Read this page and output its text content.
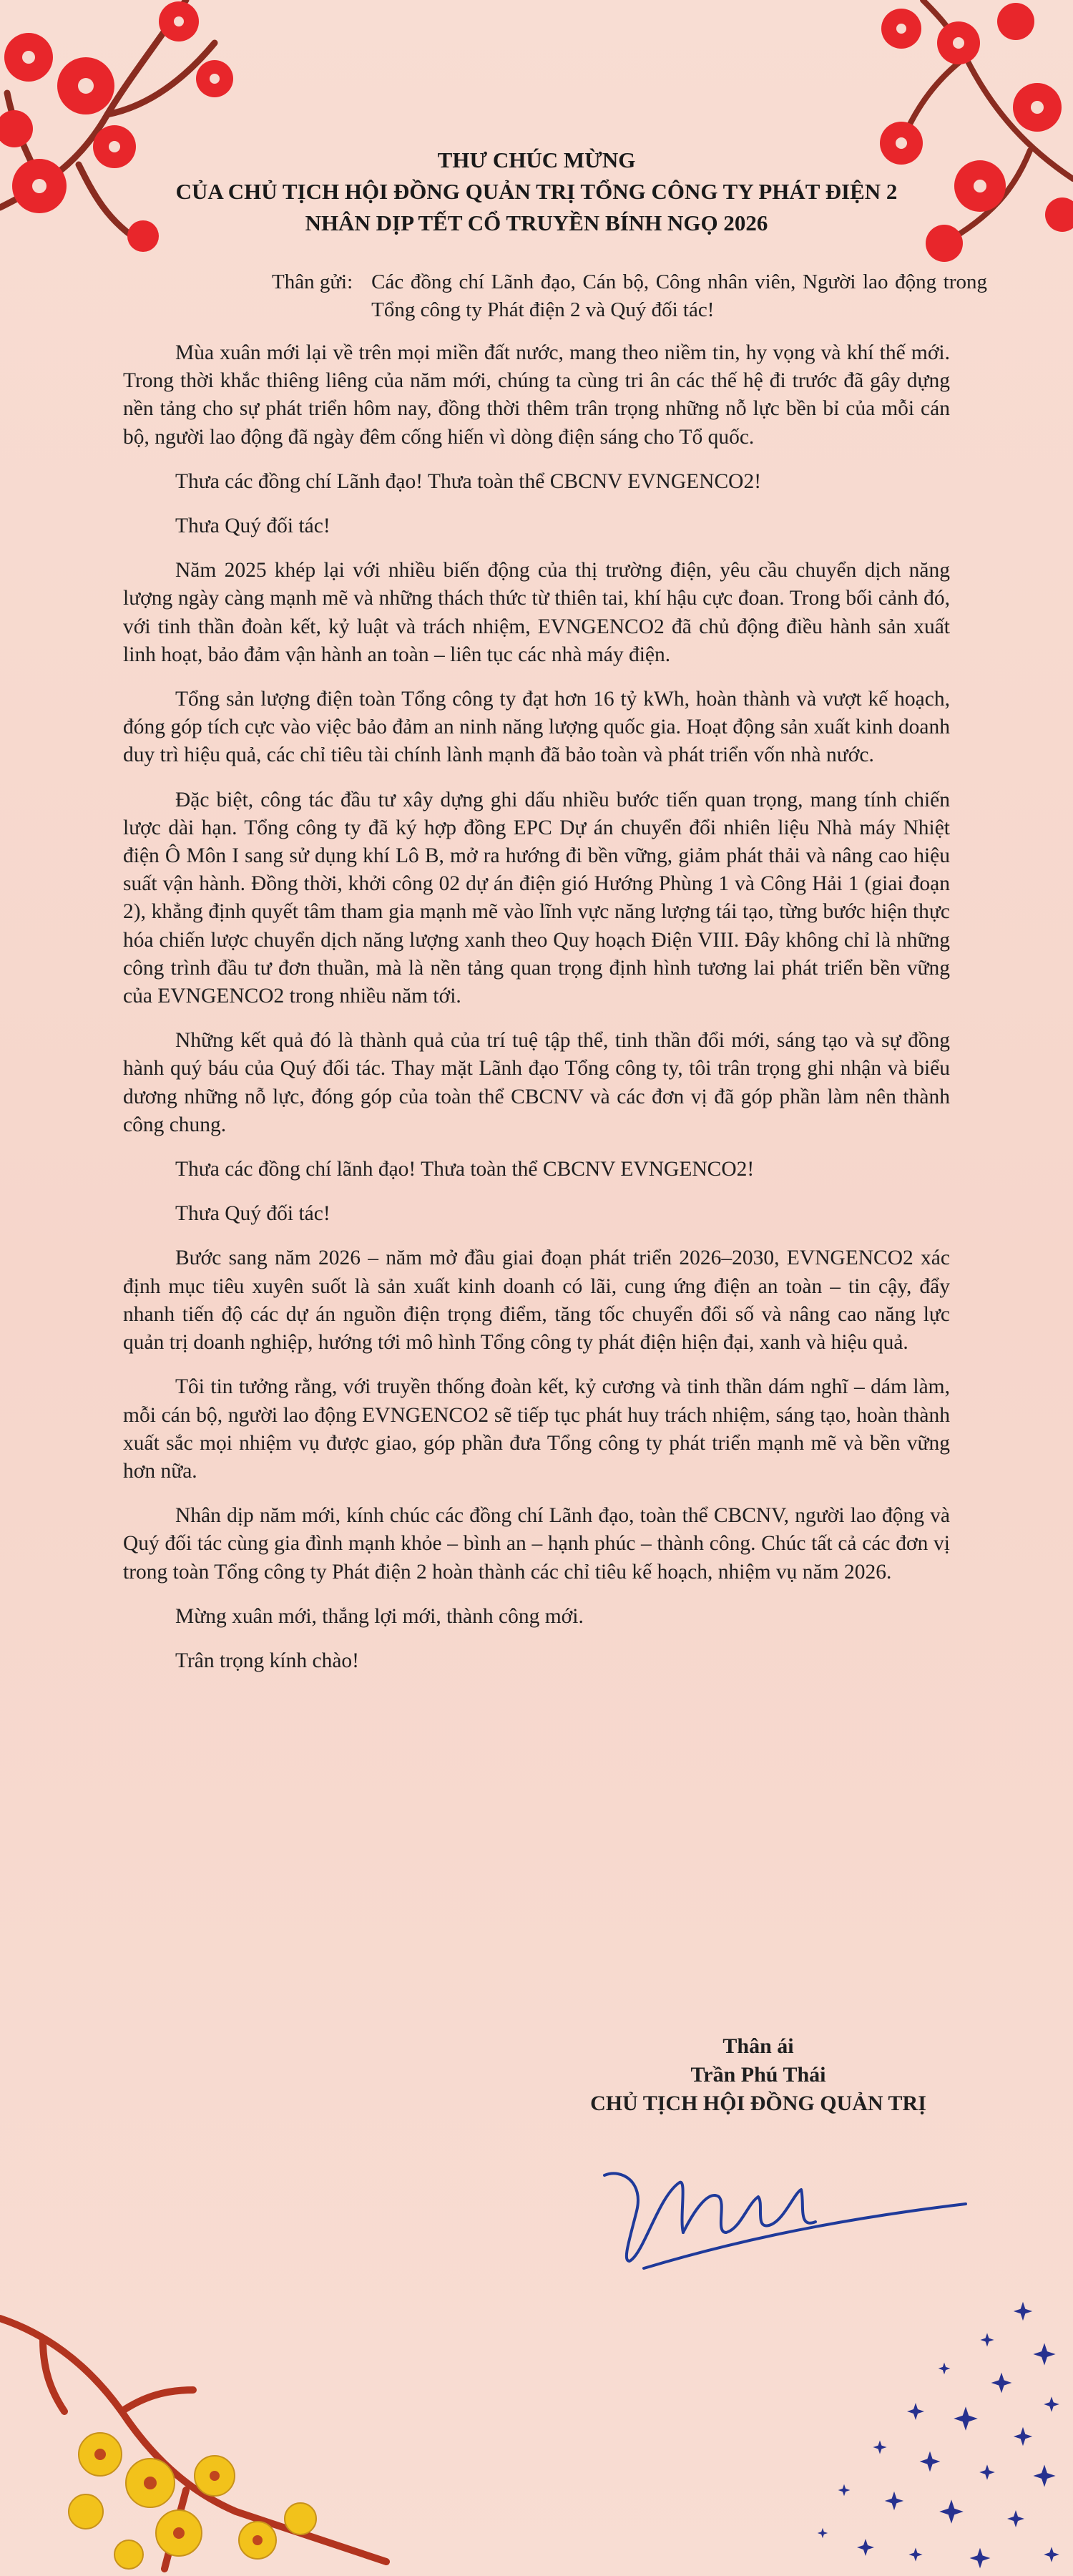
THƯ CHÚC MỪNG
CỦA CHỦ TỊCH HỘI ĐỒNG QUẢN TRỊ TỔNG CÔNG TY PHÁT ĐIỆN 2
NHÂN DỊP TẾT CỔ TRUYỀN BÍNH NGỌ 2026
Thân gửi: Các đồng chí Lãnh đạo, Cán bộ, Công nhân viên, Người lao động trong Tổng công ty Phát điện 2 và Quý đối tác!

Mùa xuân mới lại về trên mọi miền đất nước, mang theo niềm tin, hy vọng và khí thế mới. Trong thời khắc thiêng liêng của năm mới, chúng ta cùng tri ân các thế hệ đi trước đã gây dựng nền tảng cho sự phát triển hôm nay, đồng thời thêm trân trọng những nỗ lực bền bỉ của mỗi cán bộ, người lao động đã ngày đêm cống hiến vì dòng điện sáng cho Tổ quốc.

Thưa các đồng chí Lãnh đạo! Thưa toàn thể CBCNV EVNGENCO2!

Thưa Quý đối tác!

Năm 2025 khép lại với nhiều biến động của thị trường điện, yêu cầu chuyển dịch năng lượng ngày càng mạnh mẽ và những thách thức từ thiên tai, khí hậu cực đoan. Trong bối cảnh đó, với tinh thần đoàn kết, kỷ luật và trách nhiệm, EVNGENCO2 đã chủ động điều hành sản xuất linh hoạt, bảo đảm vận hành an toàn – liên tục các nhà máy điện.

Tổng sản lượng điện toàn Tổng công ty đạt hơn 16 tỷ kWh, hoàn thành và vượt kế hoạch, đóng góp tích cực vào việc bảo đảm an ninh năng lượng quốc gia. Hoạt động sản xuất kinh doanh duy trì hiệu quả, các chỉ tiêu tài chính lành mạnh đã bảo toàn và phát triển vốn nhà nước.

Đặc biệt, công tác đầu tư xây dựng ghi dấu nhiều bước tiến quan trọng, mang tính chiến lược dài hạn. Tổng công ty đã ký hợp đồng EPC Dự án chuyển đổi nhiên liệu Nhà máy Nhiệt điện Ô Môn I sang sử dụng khí Lô B, mở ra hướng đi bền vững, giảm phát thải và nâng cao hiệu suất vận hành. Đồng thời, khởi công 02 dự án điện gió Hướng Phùng 1 và Công Hải 1 (giai đoạn 2), khẳng định quyết tâm tham gia mạnh mẽ vào lĩnh vực năng lượng tái tạo, từng bước hiện thực hóa chiến lược chuyển dịch năng lượng xanh theo Quy hoạch Điện VIII. Đây không chỉ là những công trình đầu tư đơn thuần, mà là nền tảng quan trọng định hình tương lai phát triển bền vững của EVNGENCO2 trong nhiều năm tới.

Những kết quả đó là thành quả của trí tuệ tập thể, tinh thần đổi mới, sáng tạo và sự đồng hành quý báu của Quý đối tác. Thay mặt Lãnh đạo Tổng công ty, tôi trân trọng ghi nhận và biểu dương những nỗ lực, đóng góp của toàn thể CBCNV và các đơn vị đã góp phần làm nên thành công chung.

Thưa các đồng chí lãnh đạo! Thưa toàn thể CBCNV EVNGENCO2!

Thưa Quý đối tác!

Bước sang năm 2026 – năm mở đầu giai đoạn phát triển 2026–2030, EVNGENCO2 xác định mục tiêu xuyên suốt là sản xuất kinh doanh có lãi, cung ứng điện an toàn – tin cậy, đẩy nhanh tiến độ các dự án nguồn điện trọng điểm, tăng tốc chuyển đổi số và nâng cao năng lực quản trị doanh nghiệp, hướng tới mô hình Tổng công ty phát điện hiện đại, xanh và hiệu quả.

Tôi tin tưởng rằng, với truyền thống đoàn kết, kỷ cương và tinh thần dám nghĩ – dám làm, mỗi cán bộ, người lao động EVNGENCO2 sẽ tiếp tục phát huy trách nhiệm, sáng tạo, hoàn thành xuất sắc mọi nhiệm vụ được giao, góp phần đưa Tổng công ty phát triển mạnh mẽ và bền vững hơn nữa.

Nhân dịp năm mới, kính chúc các đồng chí Lãnh đạo, toàn thể CBCNV, người lao động và Quý đối tác cùng gia đình mạnh khỏe – bình an – hạnh phúc – thành công. Chúc tất cả các đơn vị trong toàn Tổng công ty Phát điện 2 hoàn thành các chỉ tiêu kế hoạch, nhiệm vụ năm 2026.

Mừng xuân mới, thắng lợi mới, thành công mới.

Trân trọng kính chào!

Thân ái
Trần Phú Thái
CHỦ TỊCH HỘI ĐỒNG QUẢN TRỊ
